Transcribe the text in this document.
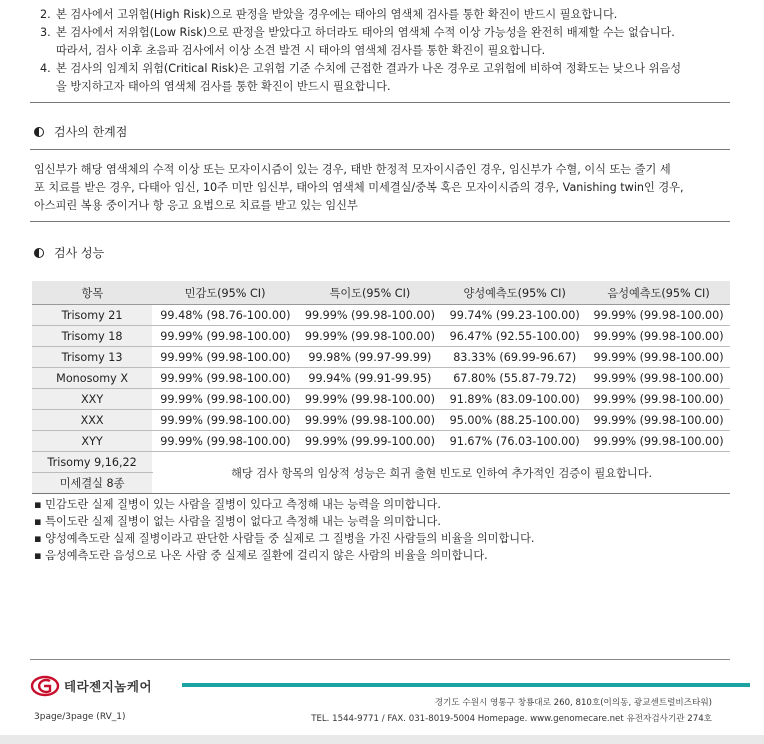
2. 본 검사에서 고위험(High Risk)으로 판정을 받았을 경우에는 태아의 염색체 검사를 통한 확진이 반드시 필요합니다.
3. 본 검사에서 저위험(Low Risk)으로 판정을 받았다고 하더라도 태아의 염색체 수적 이상 가능성을 완전히 배제할 수는 없습니다.
따라서, 검사 이후 초음파 검사에서 이상 소견 발견 시 태아의 염색체 검사를 통한 확진이 필요합니다.
4. 본 검사의 임계치 위험(Critical Risk)은 고위험 기준 수치에 근접한 결과가 나온 경우로 고위험에 비하여 정확도는 낮으나 위음성
을 방지하고자 태아의 염색체 검사를 통한 확진이 반드시 필요합니다.
검사의 한계점
임신부가 해당 염색체의 수적 이상 또는 모자이시즘이 있는 경우, 태반 한정적 모자이시즘인 경우, 임신부가 수혈, 이식 또는 줄기 세
포 치료를 받은 경우, 다태아 임신, 10주 미만 임신부, 태아의 염색체 미세결실/중복 혹은 모자이시즘의 경우, Vanishing twin인 경우,
아스피린 복용 중이거나 항 응고 요법으로 치료를 받고 있는 임신부
검사 성능
항목	민감도(95% CI)	특이도(95% CI)	양성예측도(95% CI)	음성예측도(95% CI)
Trisomy 21	99.48% (98.76-100.00)	99.99% (99.98-100.00)	99.74% (99.23-100.00)	99.99% (99.98-100.00)
Trisomy 18	99.99% (99.98-100.00)	99.99% (99.98-100.00)	96.47% (92.55-100.00)	99.99% (99.98-100.00)
Trisomy 13	99.99% (99.98-100.00)	99.98% (99.97-99.99)	83.33% (69.99-96.67)	99.99% (99.98-100.00)
Monosomy X	99.99% (99.98-100.00)	99.94% (99.91-99.95)	67.80% (55.87-79.72)	99.99% (99.98-100.00)
XXY	99.99% (99.98-100.00)	99.99% (99.98-100.00)	91.89% (83.09-100.00)	99.99% (99.98-100.00)
XXX	99.99% (99.98-100.00)	99.99% (99.98-100.00)	95.00% (88.25-100.00)	99.99% (99.98-100.00)
XYY	99.99% (99.98-100.00)	99.99% (99.99-100.00)	91.67% (76.03-100.00)	99.99% (99.98-100.00)
Trisomy 9,16,22	해당 검사 항목의 임상적 성능은 희귀 출현 빈도로 인하여 추가적인 검증이 필요합니다.			
미세결실 8종				
▪ 민감도란 실제 질병이 있는 사람을 질병이 있다고 측정해 내는 능력을 의미합니다.
▪ 특이도란 실제 질병이 없는 사람을 질병이 없다고 측정해 내는 능력을 의미합니다.
▪ 양성예측도란 실제 질병이라고 판단한 사람들 중 실제로 그 질병을 가진 사람들의 비율을 의미합니다.
▪ 음성예측도란 음성으로 나온 사람 중 실제로 질환에 걸리지 않은 사람의 비율을 의미합니다.
테라젠지놈케어
경기도 수원시 영통구 창룡대로 260, 810호(이의동, 광교센트럴비즈타워)
TEL. 1544-9771 / FAX. 031-8019-5004 Homepage. www.genomecare.net 유전자검사기관 274호
3page/3page (RV_1)
